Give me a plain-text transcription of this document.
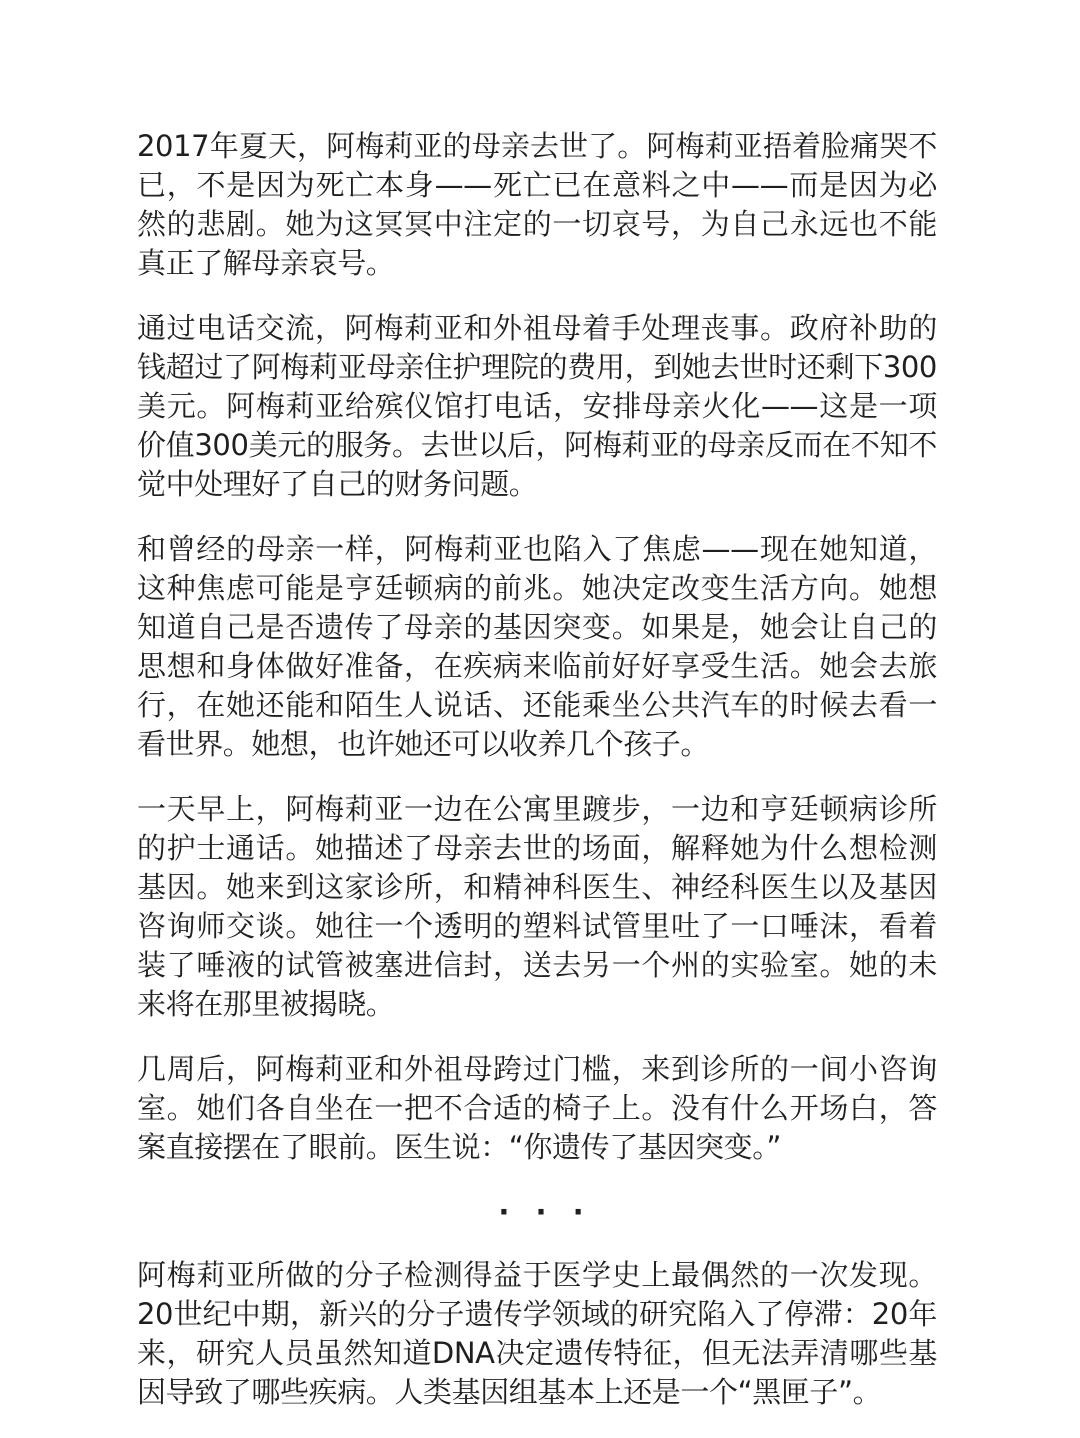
2017年夏天，阿梅莉亚的母亲去世了。阿梅莉亚捂着脸痛哭不已，不是因为死亡本身——死亡已在意料之中——而是因为必然的悲剧。她为这冥冥中注定的一切哀号，为自己永远也不能真正了解母亲哀号。

通过电话交流，阿梅莉亚和外祖母着手处理丧事。政府补助的钱超过了阿梅莉亚母亲住护理院的费用，到她去世时还剩下300美元。阿梅莉亚给殡仪馆打电话，安排母亲火化——这是一项价值300美元的服务。去世以后，阿梅莉亚的母亲反而在不知不觉中处理好了自己的财务问题。

和曾经的母亲一样，阿梅莉亚也陷入了焦虑——现在她知道，这种焦虑可能是亨廷顿病的前兆。她决定改变生活方向。她想知道自己是否遗传了母亲的基因突变。如果是，她会让自己的思想和身体做好准备，在疾病来临前好好享受生活。她会去旅行，在她还能和陌生人说话、还能乘坐公共汽车的时候去看一看世界。她想，也许她还可以收养几个孩子。

一天早上，阿梅莉亚一边在公寓里踱步，一边和亨廷顿病诊所的护士通话。她描述了母亲去世的场面，解释她为什么想检测基因。她来到这家诊所，和精神科医生、神经科医生以及基因咨询师交谈。她往一个透明的塑料试管里吐了一口唾沫，看着装了唾液的试管被塞进信封，送去另一个州的实验室。她的未来将在那里被揭晓。

几周后，阿梅莉亚和外祖母跨过门槛，来到诊所的一间小咨询室。她们各自坐在一把不合适的椅子上。没有什么开场白，答案直接摆在了眼前。医生说：“你遗传了基因突变。”

· · ·

阿梅莉亚所做的分子检测得益于医学史上最偶然的一次发现。20世纪中期，新兴的分子遗传学领域的研究陷入了停滞：20年来，研究人员虽然知道DNA决定遗传特征，但无法弄清哪些基因导致了哪些疾病。人类基因组基本上还是一个“黑匣子”。
